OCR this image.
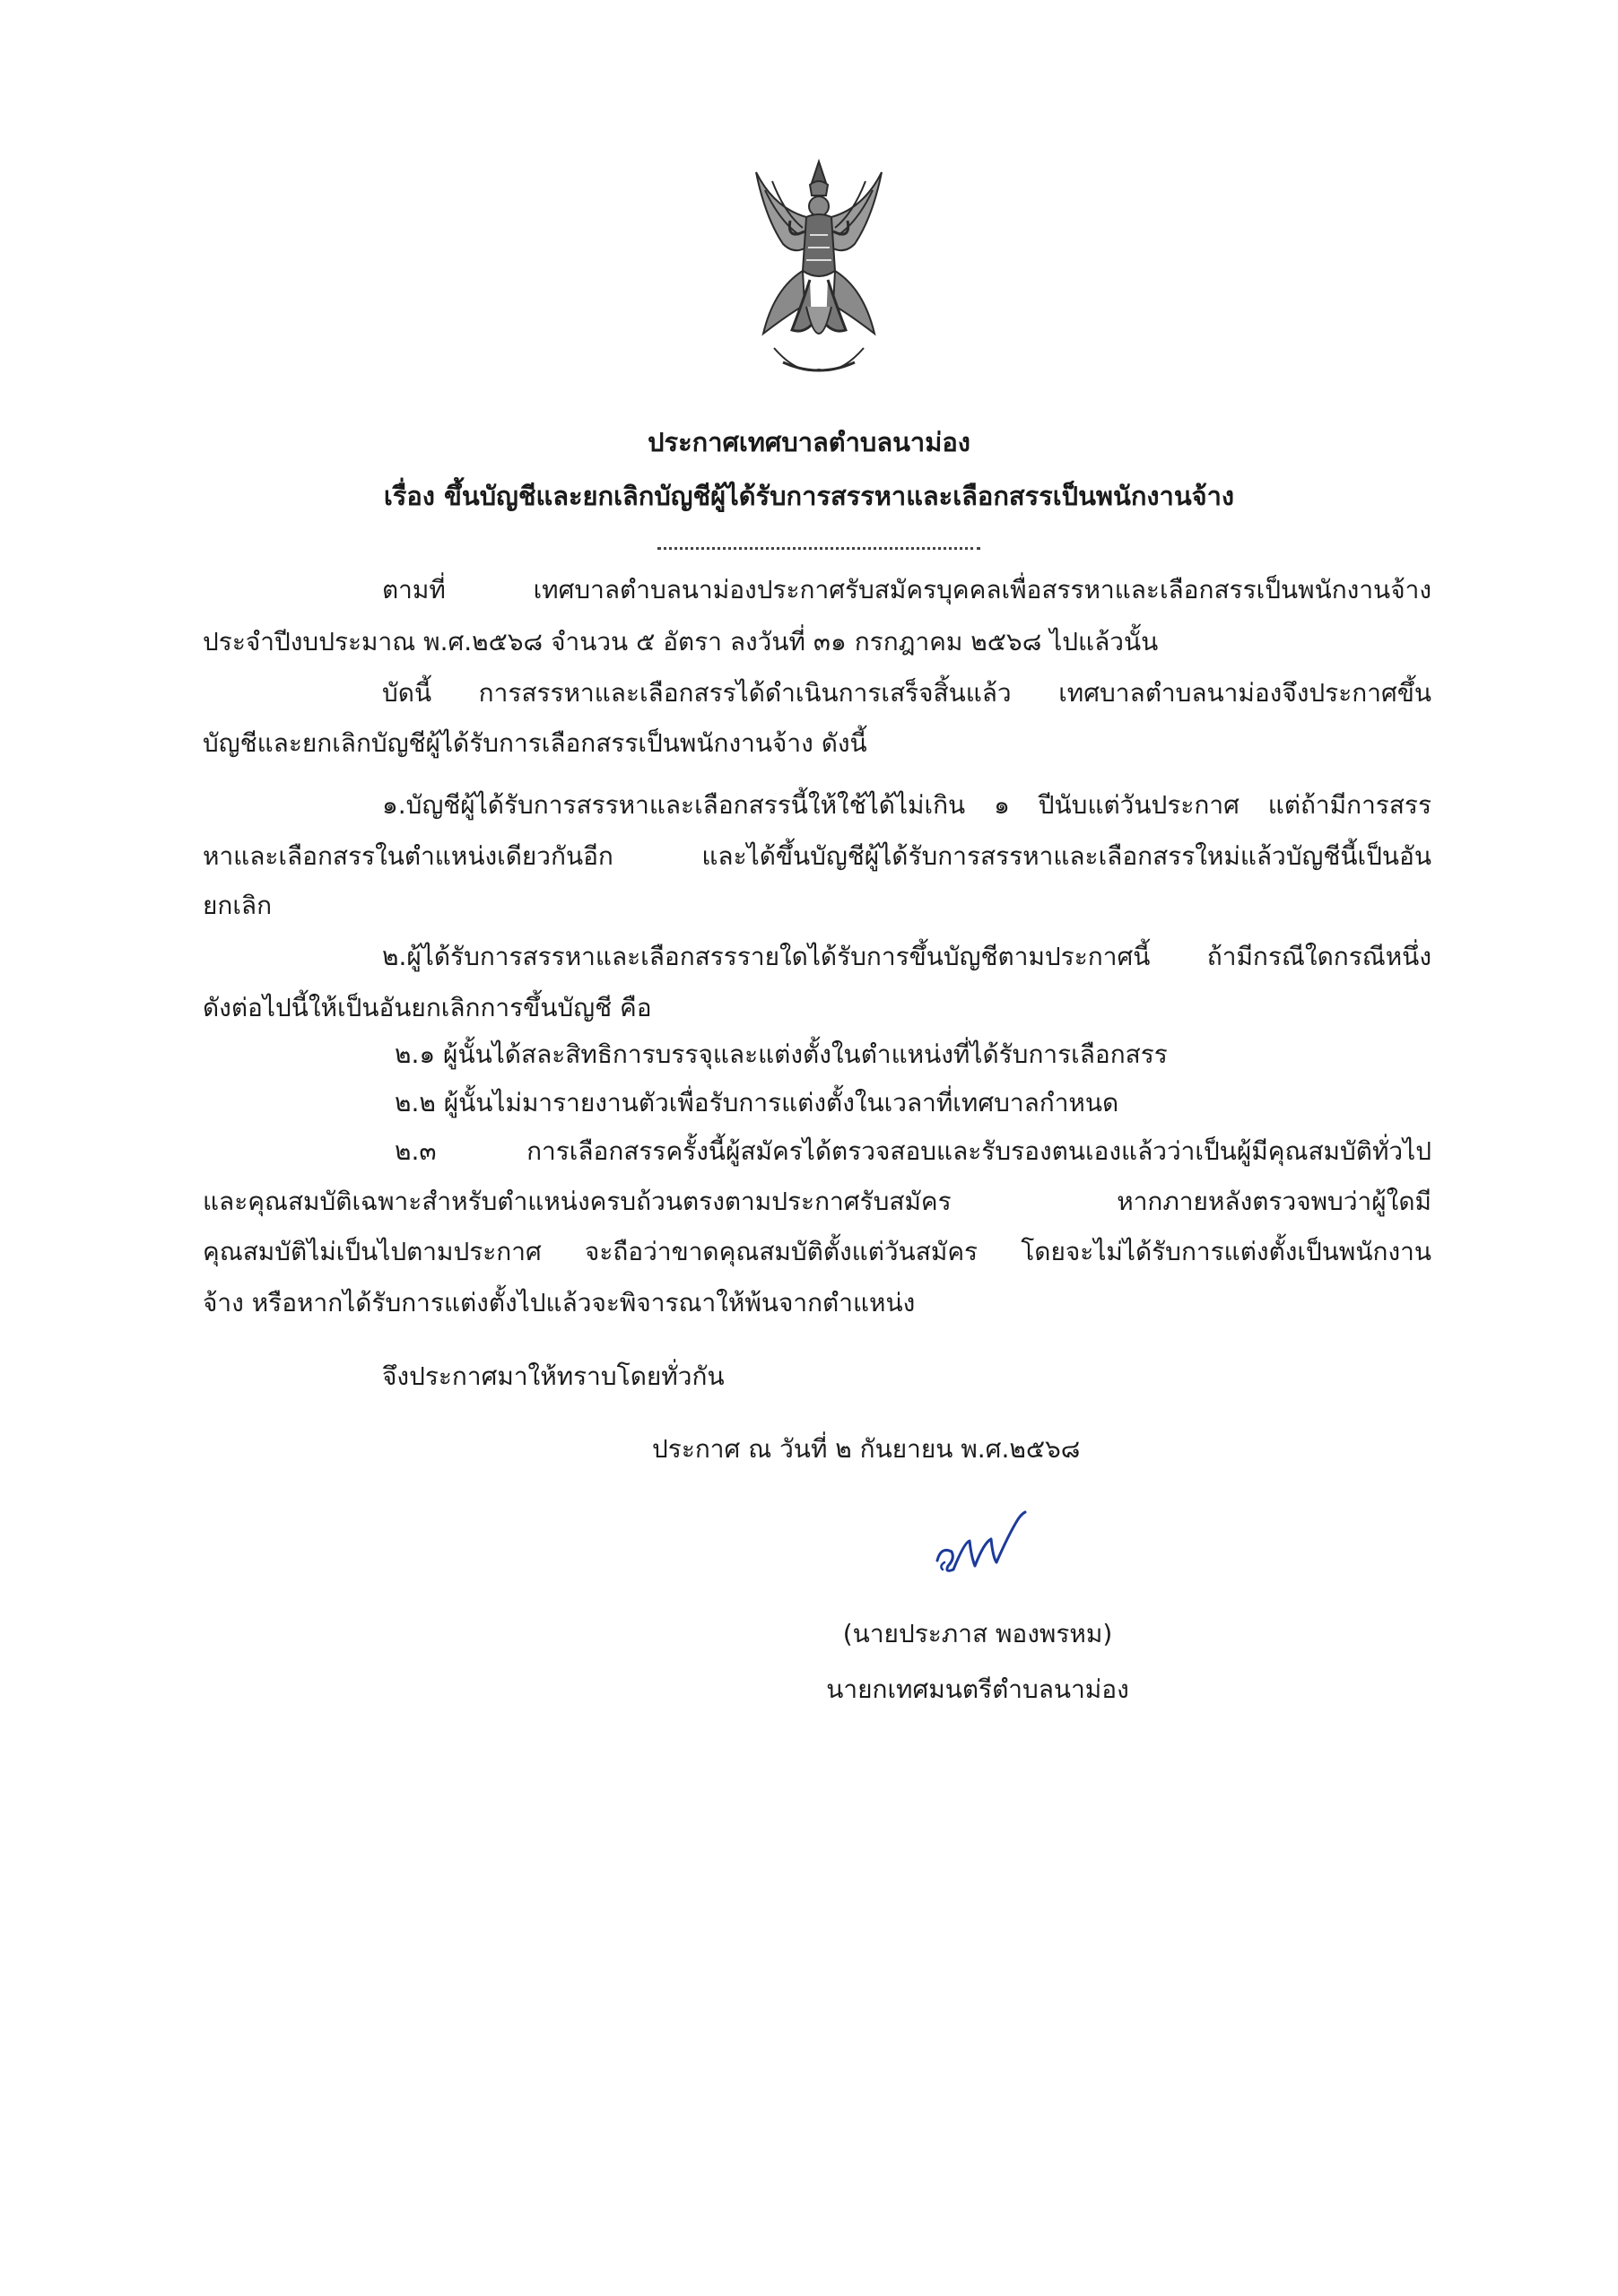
ประกาศเทศบาลตำบลนาม่อง
เรื่อง ขึ้นบัญชีและยกเลิกบัญชีผู้ได้รับการสรรหาและเลือกสรรเป็นพนักงานจ้าง
ตามที่ เทศบาลตำบลนาม่องประกาศรับสมัครบุคคลเพื่อสรรหาและเลือกสรรเป็นพนักงานจ้าง
ประจำปีงบประมาณ พ.ศ.๒๕๖๘ จำนวน ๕ อัตรา ลงวันที่ ๓๑ กรกฎาคม ๒๕๖๘ ไปแล้วนั้น
บัดนี้ การสรรหาและเลือกสรรได้ดำเนินการเสร็จสิ้นแล้ว เทศบาลตำบลนาม่องจึงประกาศขึ้น
บัญชีและยกเลิกบัญชีผู้ได้รับการเลือกสรรเป็นพนักงานจ้าง ดังนี้
๑.บัญชีผู้ได้รับการสรรหาและเลือกสรรนี้ให้ใช้ได้ไม่เกิน ๑ ปีนับแต่วันประกาศ แต่ถ้ามีการสรร
หาและเลือกสรรในตำแหน่งเดียวกันอีก และได้ขึ้นบัญชีผู้ได้รับการสรรหาและเลือกสรรใหม่แล้วบัญชีนี้เป็นอัน
ยกเลิก
๒.ผู้ได้รับการสรรหาและเลือกสรรรายใดได้รับการขึ้นบัญชีตามประกาศนี้ ถ้ามีกรณีใดกรณีหนึ่ง
ดังต่อไปนี้ให้เป็นอันยกเลิกการขึ้นบัญชี คือ
๒.๑ ผู้นั้นได้สละสิทธิการบรรจุและแต่งตั้งในตำแหน่งที่ได้รับการเลือกสรร
๒.๒ ผู้นั้นไม่มารายงานตัวเพื่อรับการแต่งตั้งในเวลาที่เทศบาลกำหนด
๒.๓ การเลือกสรรครั้งนี้ผู้สมัครได้ตรวจสอบและรับรองตนเองแล้วว่าเป็นผู้มีคุณสมบัติทั่วไป
และคุณสมบัติเฉพาะสำหรับตำแหน่งครบถ้วนตรงตามประกาศรับสมัคร หากภายหลังตรวจพบว่าผู้ใดมี
คุณสมบัติไม่เป็นไปตามประกาศ จะถือว่าขาดคุณสมบัติตั้งแต่วันสมัคร โดยจะไม่ได้รับการแต่งตั้งเป็นพนักงาน
จ้าง หรือหากได้รับการแต่งตั้งไปแล้วจะพิจารณาให้พ้นจากตำแหน่ง
จึงประกาศมาให้ทราบโดยทั่วกัน
ประกาศ ณ วันที่ ๒ กันยายน พ.ศ.๒๕๖๘
(นายประภาส พองพรหม)
นายกเทศมนตรีตำบลนาม่อง
